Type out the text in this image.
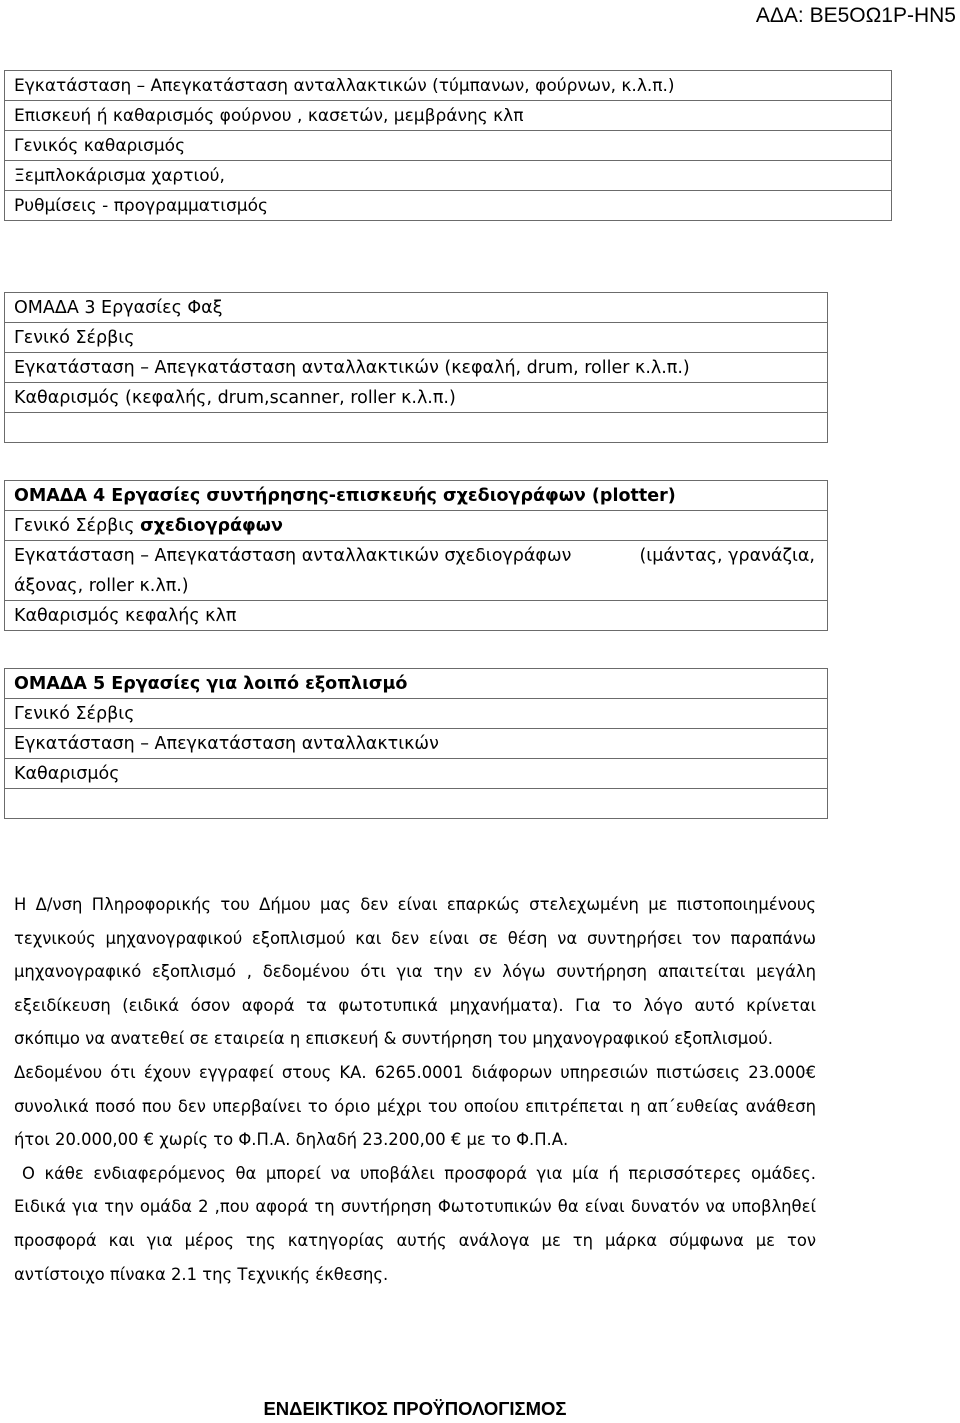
ΑΔΑ: ΒΕ5ΟΩ1Ρ-ΗΝ5
Εγκατάσταση – Απεγκατάσταση ανταλλακτικών (τύμπανων, φούρνων, κ.λ.π.)
Επισκευή ή καθαρισμός φούρνου , κασετών, μεμβράνης κλπ
Γενικός καθαρισμός
Ξεμπλοκάρισμα χαρτιού,
Ρυθμίσεις - προγραμματισμός
ΟΜΑΔΑ 3 Εργασίες Φαξ
Γενικό Σέρβις
Εγκατάσταση – Απεγκατάσταση ανταλλακτικών (κεφαλή, drum, roller κ.λ.π.)
Καθαρισμός (κεφαλής, drum,scanner, roller κ.λ.π.)
ΟΜΑΔΑ 4 Εργασίες συντήρησης-επισκευής σχεδιογράφων (plotter)
Γενικό Σέρβις σχεδιογράφων
Εγκατάσταση – Απεγκατάσταση ανταλλακτικών σχεδιογράφων	(ιμάντας, γρανάζια,
άξονας, roller κ.λπ.)
Καθαρισμός κεφαλής κλπ
ΟΜΑΔΑ 5 Εργασίες για λοιπό εξοπλισμό
Γενικό Σέρβις
Εγκατάσταση – Απεγκατάσταση ανταλλακτικών
Καθαρισμός

Η Δ/νση Πληροφορικής του Δήμου μας δεν είναι επαρκώς στελεχωμένη με πιστοποιημένους τεχνικούς μηχανογραφικού εξοπλισμού και δεν είναι σε θέση να συντηρήσει τον παραπάνω μηχανογραφικό εξοπλισμό , δεδομένου ότι για την εν λόγω συντήρηση απαιτείται μεγάλη εξειδίκευση (ειδικά όσον αφορά τα φωτοτυπικά μηχανήματα). Για το λόγο αυτό κρίνεται σκόπιμο να ανατεθεί σε εταιρεία η επισκευή & συντήρηση του μηχανογραφικού εξοπλισμού.

Δεδομένου ότι έχουν εγγραφεί στους ΚΑ. 6265.0001 διάφορων υπηρεσιών πιστώσεις 23.000€ συνολικά ποσό που δεν υπερβαίνει το όριο μέχρι του οποίου επιτρέπεται η απ΄ευθείας ανάθεση ήτοι 20.000,00 € χωρίς το Φ.Π.Α. δηλαδή 23.200,00 € με το Φ.Π.Α.

Ο κάθε ενδιαφερόμενος θα μπορεί να υποβάλει προσφορά για μία ή περισσότερες ομάδες. Ειδικά για την ομάδα 2 ,που αφορά τη συντήρηση Φωτοτυπικών θα είναι δυνατόν να υποβληθεί προσφορά και για μέρος της κατηγορίας αυτής ανάλογα με τη μάρκα σύμφωνα με τον αντίστοιχο πίνακα 2.1 της Τεχνικής έκθεσης.

ΕΝΔΕΙΚΤΙΚΟΣ ΠΡΟΫΠΟΛΟΓΙΣΜΟΣ
